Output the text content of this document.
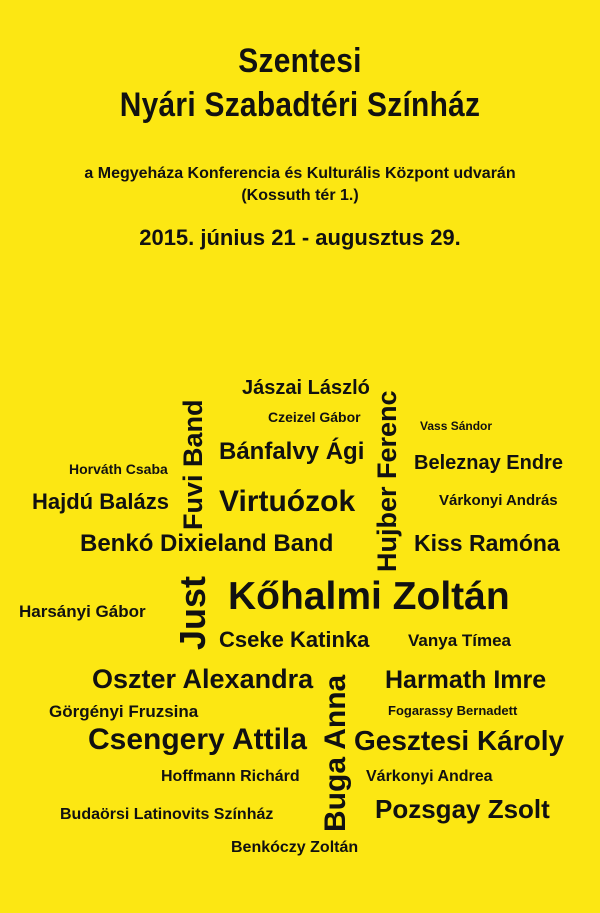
Szentesi
Nyári Szabadtéri Színház
a Megyeháza Konferencia és Kulturális Központ udvarán
(Kossuth tér 1.)
2015. június 21 - augusztus 29.
Jászai László
Czeizel Gábor
Vass Sándor
Bánfalvy Ági
Horváth Csaba	Beleznay Endre
Hajdú Balázs Virtuózok	Várkonyi András
Benkó Dixieland Band	Kiss Ramóna
Kőhalmi Zoltán
Harsányi Gábor
Cseke Katinka Vanya Tímea
Oszter Alexandra	Harmath Imre
Görgényi Fruzsina	Fogarassy Bernadett
Csengery Attila Gesztesi Károly
Hoffmann Richárd	Várkonyi Andrea
Budaörsi Latinovits Színház	Pozsgay Zsolt
Benkóczy Zoltán
Fuvi Band	Hujber Ferenc
Just
Buga Anna
